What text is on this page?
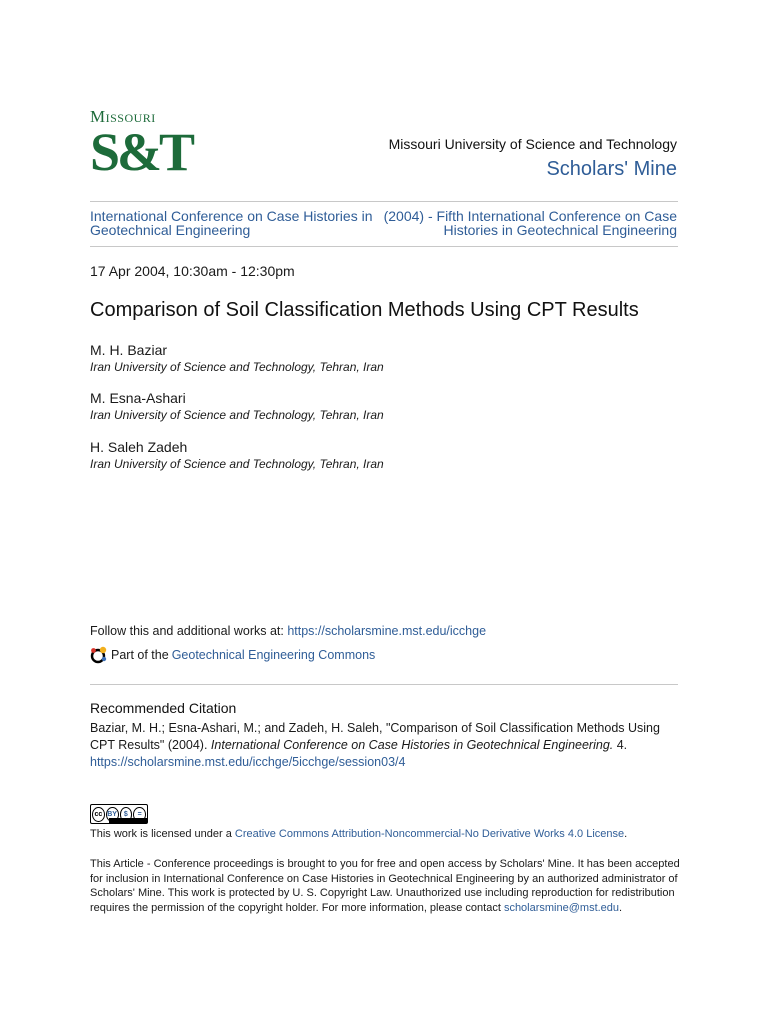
Missouri
S&T	Missouri University of Science and Technology
Scholars' Mine
International Conference on Case Histories in Geotechnical Engineering
(2004) - Fifth International Conference on Case Histories in Geotechnical Engineering
17 Apr 2004, 10:30am - 12:30pm
Comparison of Soil Classification Methods Using CPT Results
M. H. Baziar
Iran University of Science and Technology, Tehran, Iran
M. Esna-Ashari
Iran University of Science and Technology, Tehran, Iran
H. Saleh Zadeh
Iran University of Science and Technology, Tehran, Iran
Follow this and additional works at: https://scholarsmine.mst.edu/icchge
Part of the Geotechnical Engineering Commons
Recommended Citation
Baziar, M. H.; Esna-Ashari, M.; and Zadeh, H. Saleh, "Comparison of Soil Classification Methods Using CPT Results" (2004). International Conference on Case Histories in Geotechnical Engineering. 4.
https://scholarsmine.mst.edu/icchge/5icchge/session03/4
cc BY $	=
This work is licensed under a Creative Commons Attribution-Noncommercial-No Derivative Works 4.0 License.
This Article - Conference proceedings is brought to you for free and open access by Scholars' Mine. It has been accepted for inclusion in International Conference on Case Histories in Geotechnical Engineering by an authorized administrator of Scholars' Mine. This work is protected by U. S. Copyright Law. Unauthorized use including reproduction for redistribution requires the permission of the copyright holder. For more information, please contact scholarsmine@mst.edu.
